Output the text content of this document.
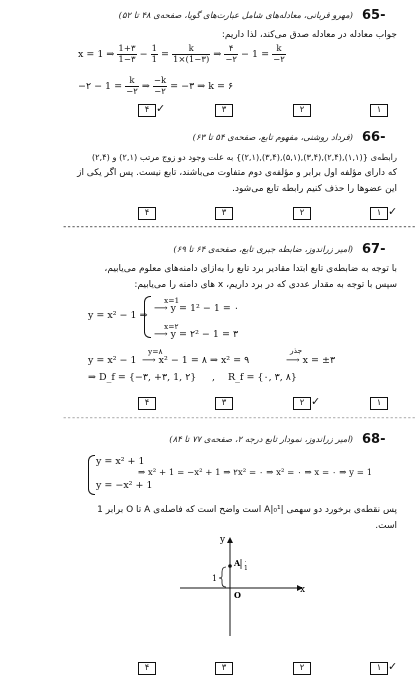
65-
(مهرو قربانی، معادله‌های شامل عبارت‌های گویا، صفحه‌ی ۴۸ تا ۵۲)
جواب معادله در معادله صدق می‌کند، لذا داریم:
x = 1 ⇒ $\frac{1+۳}{1-۳} - \frac{1}{1} = \frac{k}{1\times(1-۳)}$ ⇒ $\frac{۴}{-۲} - 1 = \frac{k}{-۲}$
−۲ − $1 = \frac{k}{-۲}$ ⇒ $\frac{-k}{-۲}$ = −۳ ⇒ k = ۶
۴	۳	۲	۱
✓
66-
(فرداد روشنی، مفهوم تابع، صفحه‌ی ۵۴ تا ۶۳)
رابطه‌ی {(۱,۱),(۲,۴),(۳,۴),(۵,۱),(۳,۴),(۲,۱)} به علت وجود دو زوج مرتب (۲,۱) و (۲,۴)
که دارای مؤلفه اول برابر و مؤلفه‌ی دوم متفاوت می‌باشند، تابع نیست. پس اگر یکی از
این عضوها را حذف کنیم رابطه تابع می‌شود.
۴	۳	۲	۱ ✓
--------------------------------------------------------------------------------
67-
(امیر زراندوز، ضابطه جبری تابع، صفحه‌ی ۶۴ تا ۶۹)
با توجه به ضابطه‌ی تابع ابتدا مقادیر برد تابع را به‌ازای دامنه‌های معلوم می‌یابیم،
سپس با توجه به مقدار عددی که در برد داریم، x های دامنه را می‌یابیم:
y = x² − 1 ⇒
x=1
⟶ y = 1² − 1 = ۰
x=۲
⟶ y = ۲² − 1 = ۳
y = x² − 1
y=۸
⟶ x² − 1 = ۸ ⇒ x² = ۹
جذر
⟶ x = ±۳
⇒ D_f = {−۳, +۳, 1, ۲} , R_f = {۰, ۳, ۸}
۴	۳	۲	۱
✓
--------------------------------------------------------------------------------
68-
(امیر زراندوز، نمودار تابع درجه ۲، صفحه‌ی ۷۷ تا ۸۴)
y = x² + 1
y = −x² + 1
⇒ x² + 1 = −x² + 1 ⇒ ۲x² = ۰ ⇒ x² = ۰ ⇒ x = ۰ ⇒ y = 1
پس نقطه‌ی برخورد دو سهمی |A|₀¹ است واضح است که فاصله‌ی A تا O برابر 1
است.
y
x
O
A ۰
1
1
۴	۳	۲	۱ ✓
